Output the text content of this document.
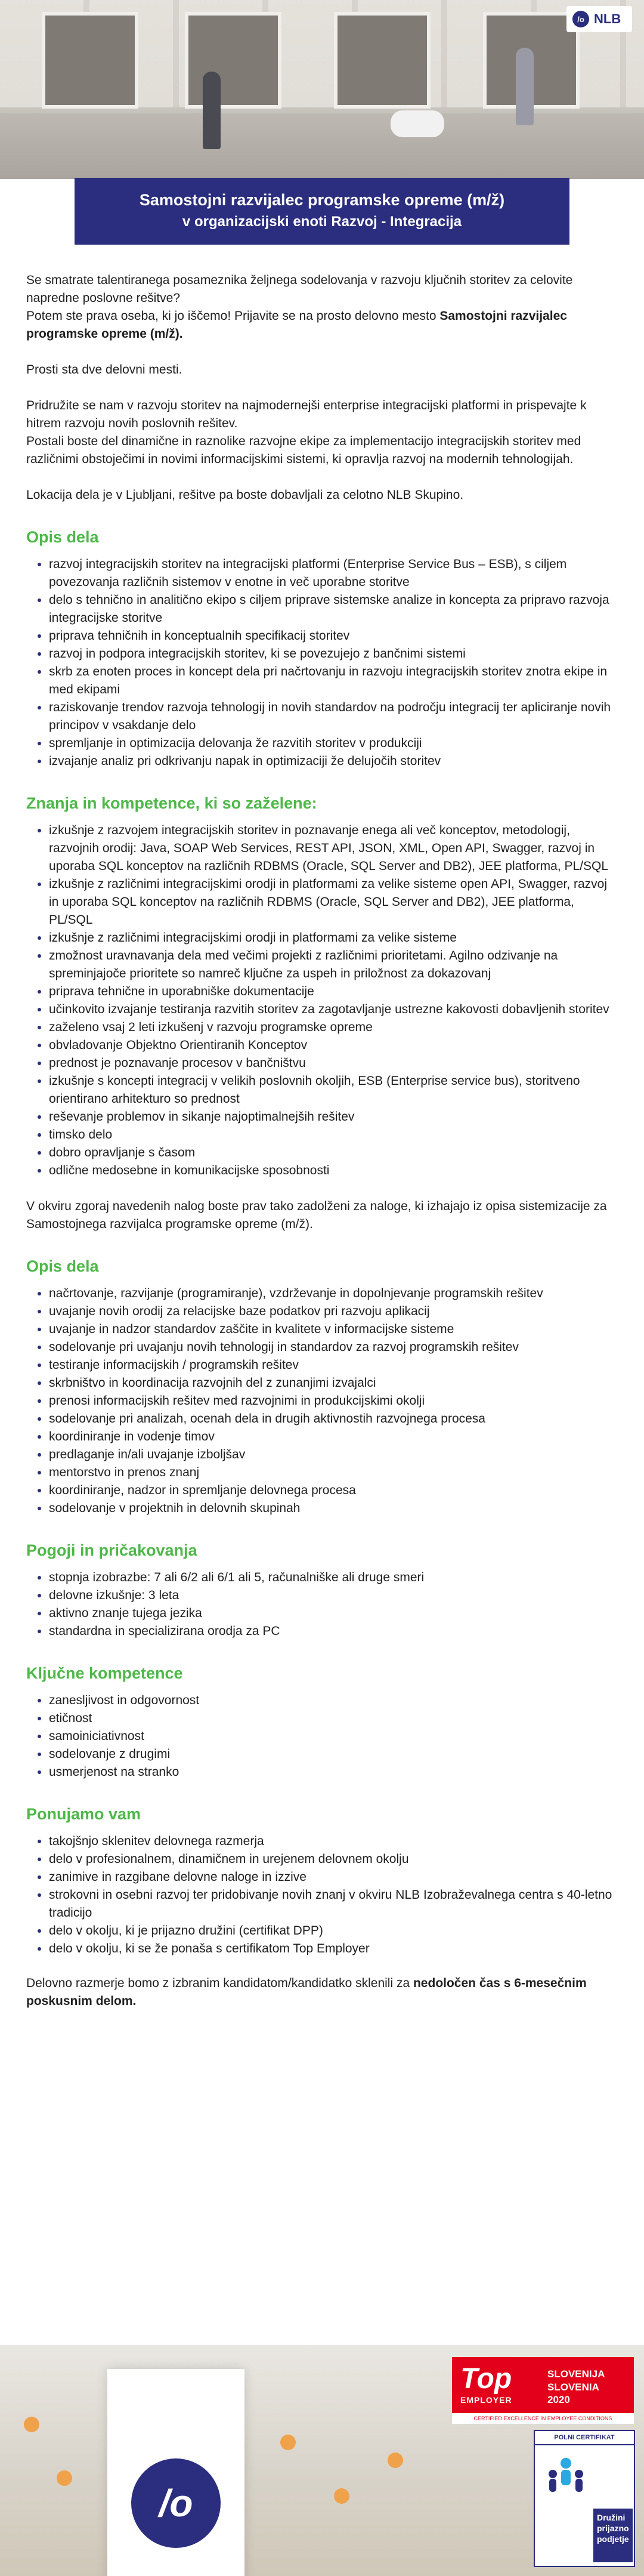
/o NLB
Samostojni razvijalec programske opreme (m/ž)
v organizacijski enoti Razvoj - Integracija

Se smatrate talentiranega posameznika željnega sodelovanja v razvoju ključnih storitev za celovite napredne poslovne rešitve?
Potem ste prava oseba, ki jo iščemo! Prijavite se na prosto delovno mesto Samostojni razvijalec programske opreme (m/ž).

Prosti sta dve delovni mesti.

Pridružite se nam v razvoju storitev na najmodernejši enterprise integracijski platformi in prispevajte k hitrem razvoju novih poslovnih rešitev.
Postali boste del dinamične in raznolike razvojne ekipe za implementacijo integracijskih storitev med različnimi obstoječimi in novimi informacijskimi sistemi, ki opravlja razvoj na modernih tehnologijah.

Lokacija dela je v Ljubljani, rešitve pa boste dobavljali za celotno NLB Skupino.

Opis dela
• razvoj integracijskih storitev na integracijski platformi (Enterprise Service Bus – ESB), s ciljem povezovanja različnih sistemov v enotne in več uporabne storitve
• delo s tehnično in analitično ekipo s ciljem priprave sistemske analize in koncepta za pripravo razvoja integracijske storitve
• priprava tehničnih in konceptualnih specifikacij storitev
• razvoj in podpora integracijskih storitev, ki se povezujejo z bančnimi sistemi
• skrb za enoten proces in koncept dela pri načrtovanju in razvoju integracijskih storitev znotra ekipe in med ekipami
• raziskovanje trendov razvoja tehnologij in novih standardov na področju integracij ter apliciranje novih principov v vsakdanje delo
• spremljanje in optimizacija delovanja že razvitih storitev v produkciji
• izvajanje analiz pri odkrivanju napak in optimizaciji že delujočih storitev
Znanja in kompetence, ki so zaželene:
• izkušnje z razvojem integracijskih storitev in poznavanje enega ali več konceptov, metodologij, razvojnih orodij: Java, SOAP Web Services, REST API, JSON, XML, Open API, Swagger, razvoj in uporaba SQL konceptov na različnih RDBMS (Oracle, SQL Server and DB2), JEE platforma, PL/SQL
• izkušnje z različnimi integracijskimi orodji in platformami za velike sisteme open API, Swagger, razvoj in uporaba SQL konceptov na različnih RDBMS (Oracle, SQL Server and DB2), JEE platforma, PL/SQL
• izkušnje z različnimi integracijskimi orodji in platformami za velike sisteme
• zmožnost uravnavanja dela med večimi projekti z različnimi prioritetami. Agilno odzivanje na spreminjajoče prioritete so namreč ključne za uspeh in priložnost za dokazovanj
• priprava tehnične in uporabniške dokumentacije
• učinkovito izvajanje testiranja razvitih storitev za zagotavljanje ustrezne kakovosti dobavljenih storitev
• zaželeno vsaj 2 leti izkušenj v razvoju programske opreme
• obvladovanje Objektno Orientiranih Konceptov
• prednost je poznavanje procesov v bančništvu
• izkušnje s koncepti integracij v velikih poslovnih okoljih, ESB (Enterprise service bus), storitveno orientirano arhitekturo so prednost
• reševanje problemov in sikanje najoptimalnejših rešitev
• timsko delo
• dobro opravljanje s časom
• odlične medosebne in komunikacijske sposobnosti

V okviru zgoraj navedenih nalog boste prav tako zadolženi za naloge, ki izhajajo iz opisa sistemizacije za Samostojnega razvijalca programske opreme (m/ž).

Opis dela
• načrtovanje, razvijanje (programiranje), vzdrževanje in dopolnjevanje programskih rešitev
• uvajanje novih orodij za relacijske baze podatkov pri razvoju aplikacij
• uvajanje in nadzor standardov zaščite in kvalitete v informacijske sisteme
• sodelovanje pri uvajanju novih tehnologij in standardov za razvoj programskih rešitev
• testiranje informacijskih / programskih rešitev
• skrbništvo in koordinacija razvojnih del z zunanjimi izvajalci
• prenosi informacijskih rešitev med razvojnimi in produkcijskimi okolji
• sodelovanje pri analizah, ocenah dela in drugih aktivnostih razvojnega procesa
• koordiniranje in vodenje timov
• predlaganje in/ali uvajanje izboljšav
• mentorstvo in prenos znanj
• koordiniranje, nadzor in spremljanje delovnega procesa
• sodelovanje v projektnih in delovnih skupinah
Pogoji in pričakovanja
• stopnja izobrazbe: 7 ali 6/2 ali 6/1 ali 5, računalniške ali druge smeri
• delovne izkušnje: 3 leta
• aktivno znanje tujega jezika
• standardna in specializirana orodja za PC
Ključne kompetence
• zanesljivost in odgovornost
• etičnost
• samoiniciativnost
• sodelovanje z drugimi
• usmerjenost na stranko
Ponujamo vam
• takojšnjo sklenitev delovnega razmerja
• delo v profesionalnem, dinamičnem in urejenem delovnem okolju
• zanimive in razgibane delovne naloge in izzive
• strokovni in osebni razvoj ter pridobivanje novih znanj v okviru NLB Izobraževalnega centra s 40-letno tradicijo
• delo v okolju, ki je prijazno družini (certifikat DPP)
• delo v okolju, ki se že ponaša s certifikatom Top Employer

Delovno razmerje bomo z izbranim kandidatom/kandidatko sklenili za nedoločen čas s 6-mesečnim poskusnim delom.

/o
Top
EMPLOYER
SLOVENIJA
SLOVENIA
2020
CERTIFIED EXCELLENCE IN EMPLOYEE CONDITIONS
POLNI CERTIFIKAT
Družini prijazno podjetje
